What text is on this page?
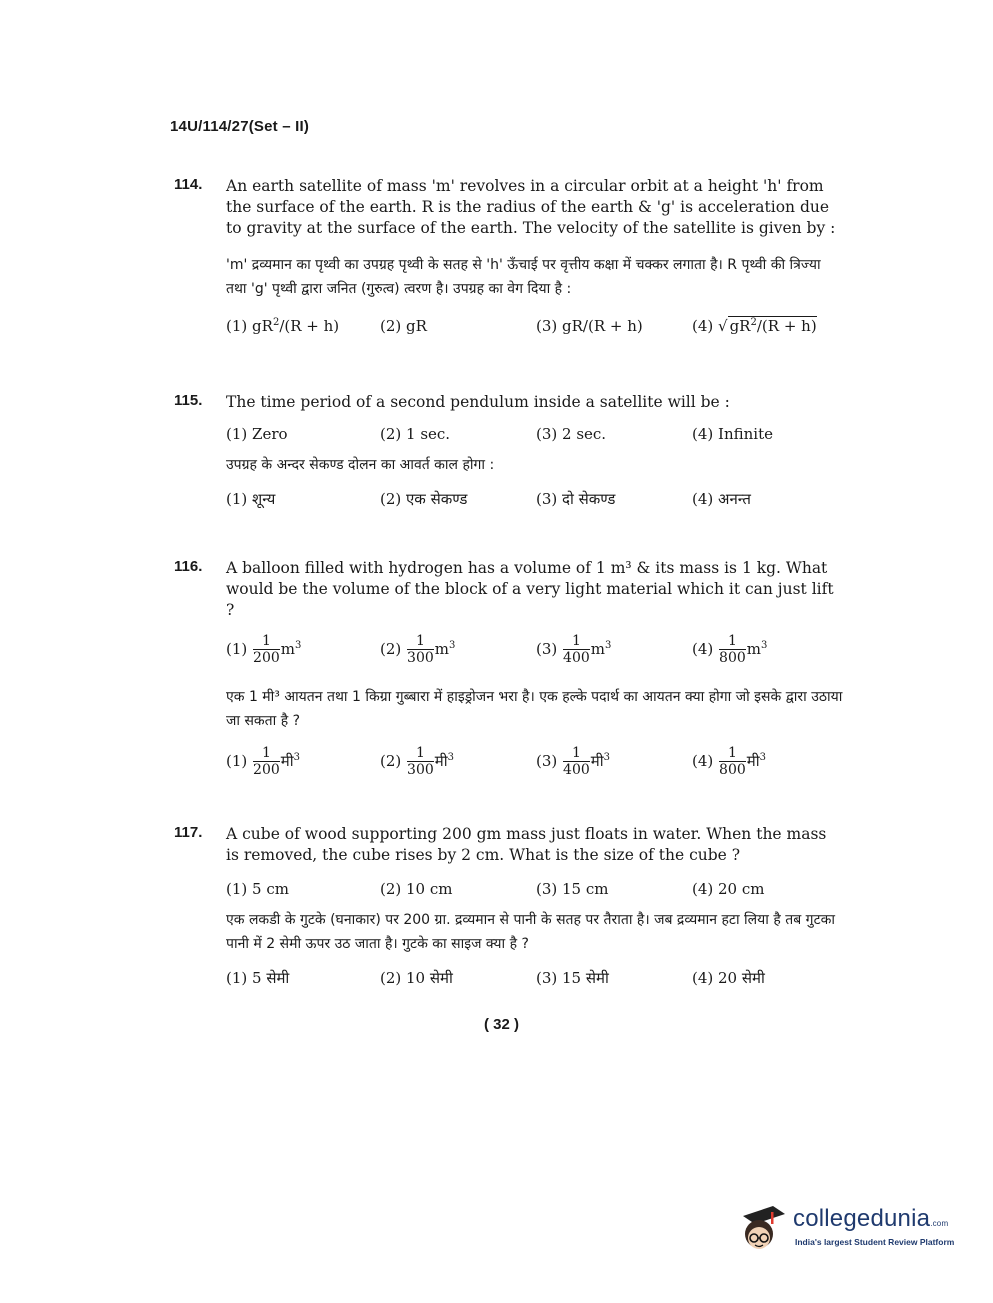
14U/114/27(Set – II)
114. An earth satellite of mass 'm' revolves in a circular orbit at a height 'h' from the surface of the earth. R is the radius of the earth & 'g' is acceleration due to gravity at the surface of the earth. The velocity of the satellite is given by :
'm' द्रव्यमान का पृथ्वी का उपग्रह पृथ्वी के सतह से 'h' ऊँचाई पर वृत्तीय कक्षा में चक्कर लगाता है। R पृथ्वी की त्रिज्या तथा 'g' पृथ्वी द्वारा जनित (गुरुत्व) त्वरण है। उपग्रह का वेग दिया है :
(1) $gR^2/(R + h)$	(2) gR	(3) gR/(R + h)	(4) √ $gR^2/(R + h)$
115. The time period of a second pendulum inside a satellite will be :
(1) Zero	(2) 1 sec.	(3) 2 sec.	(4) Infinite
उपग्रह के अन्दर सेकण्ड दोलन का आवर्त काल होगा :
(1) शून्य	(2) एक सेकण्ड	(3) दो सेकण्ड	(4) अनन्त
116. A balloon filled with hydrogen has a volume of 1 m³ & its mass is 1 kg. What would be the volume of the block of a very light material which it can just lift ?
$(1) \frac{1}{200} m^3$	$(2) \frac{1}{300} m^3$	$(3) \frac{1}{400} m^3$	$(4) \frac{1}{800} m^3$
एक 1 मी³ आयतन तथा 1 किग्रा गुब्बारा में हाइड्रोजन भरा है। एक हल्के पदार्थ का आयतन क्या होगा जो इसके द्वारा उठाया जा सकता है ?
$(1) \frac{1}{200}$ मी$^3$	$(2) \frac{1}{300}$ मी$^3$	$(3) \frac{1}{400}$ मी$^3$	$(4) \frac{1}{800}$ मी$^3$
117. A cube of wood supporting 200 gm mass just floats in water. When the mass is removed, the cube rises by 2 cm. What is the size of the cube ?
(1) 5 cm	(2) 10 cm	(3) 15 cm	(4) 20 cm
एक लकडी के गुटके (घनाकार) पर 200 ग्रा. द्रव्यमान से पानी के सतह पर तैराता है। जब द्रव्यमान हटा लिया है तब गुटका पानी में 2 सेमी ऊपर उठ जाता है। गुटके का साइज क्या है ?
(1) 5 सेमी	(2) 10 सेमी	(3) 15 सेमी	(4) 20 सेमी
( 32 )
collegedunia.com
India's largest Student Review Platform
